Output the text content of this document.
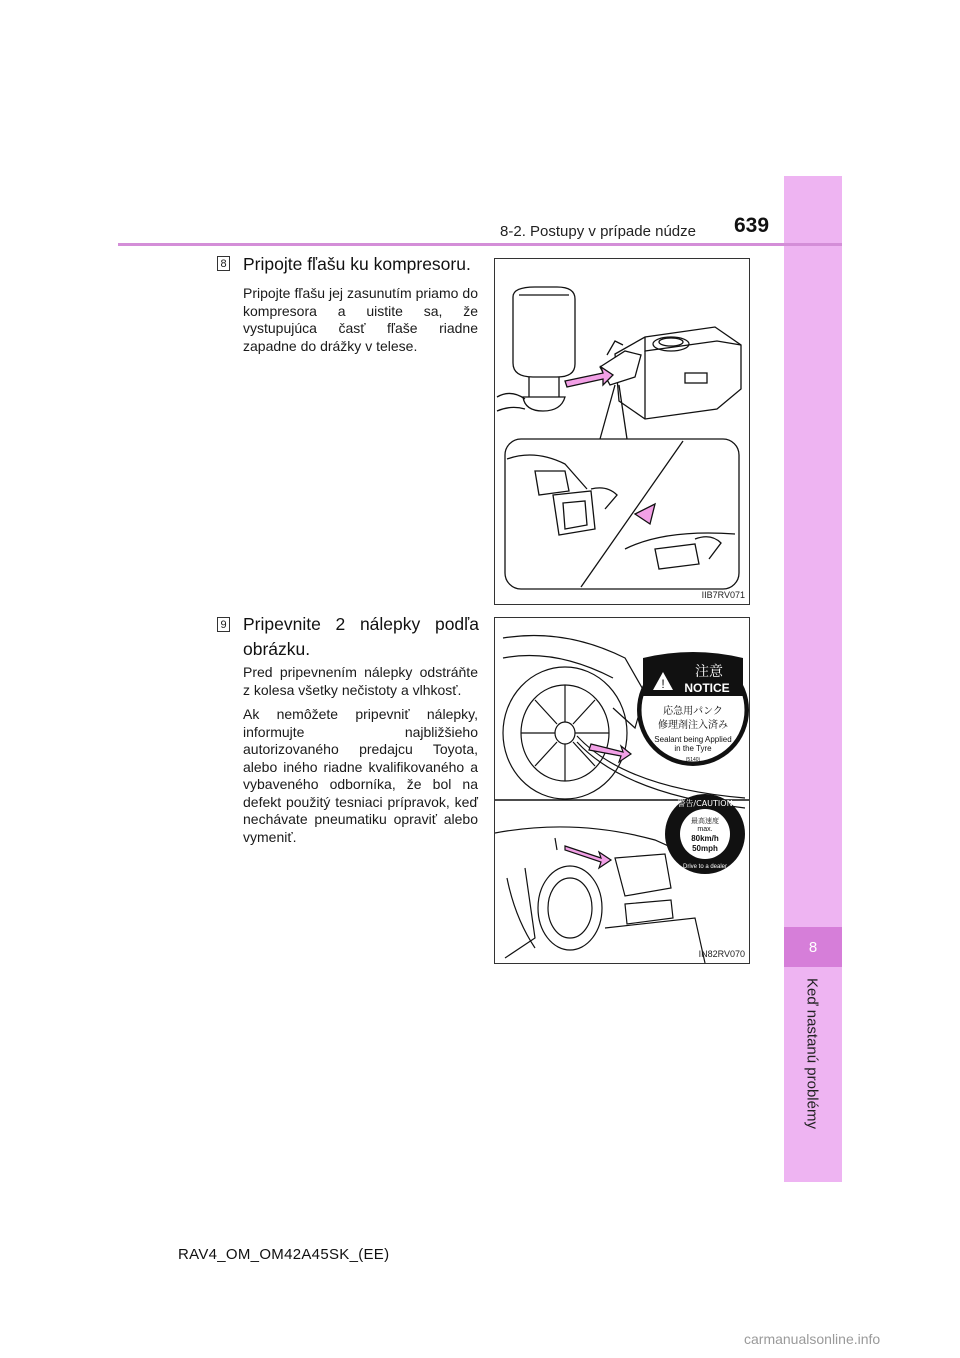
8
Keď nastanú problémy
8-2. Postupy v prípade núdze 639
8 Pripojte fľašu ku kompresoru.

Pripojte fľašu jej zasunutím priamo do kompresora a uistite sa, že vystupujúca časť fľaše riadne zapadne do drážky v telese.

IIB7RV071
9 Pripevnite 2 nálepky podľa obrázku.

Pred pripevnením nálepky odstráňte z kolesa všetky nečistoty a vlhkosť.

Ak nemôžete pripevniť nálepky, informujte najbližšieho autorizovaného predajcu Toyota, alebo iného riadne kvalifikovaného a vybaveného odborníka, že bol na defekt použitý tesniaci prípravok, keď nechávate pneumatiku opraviť alebo vymeniť.

!
注意
NOTICE
応急用パンク
修理剤注入済み
Sealant being Applied
in the Tyre
(5140)
警告/CAUTION
最高速度
max.
80km/h
50mph
Drive to a dealer
IN82RV070
RAV4_OM_OM42A45SK_(EE)
carmanualsonline.info
